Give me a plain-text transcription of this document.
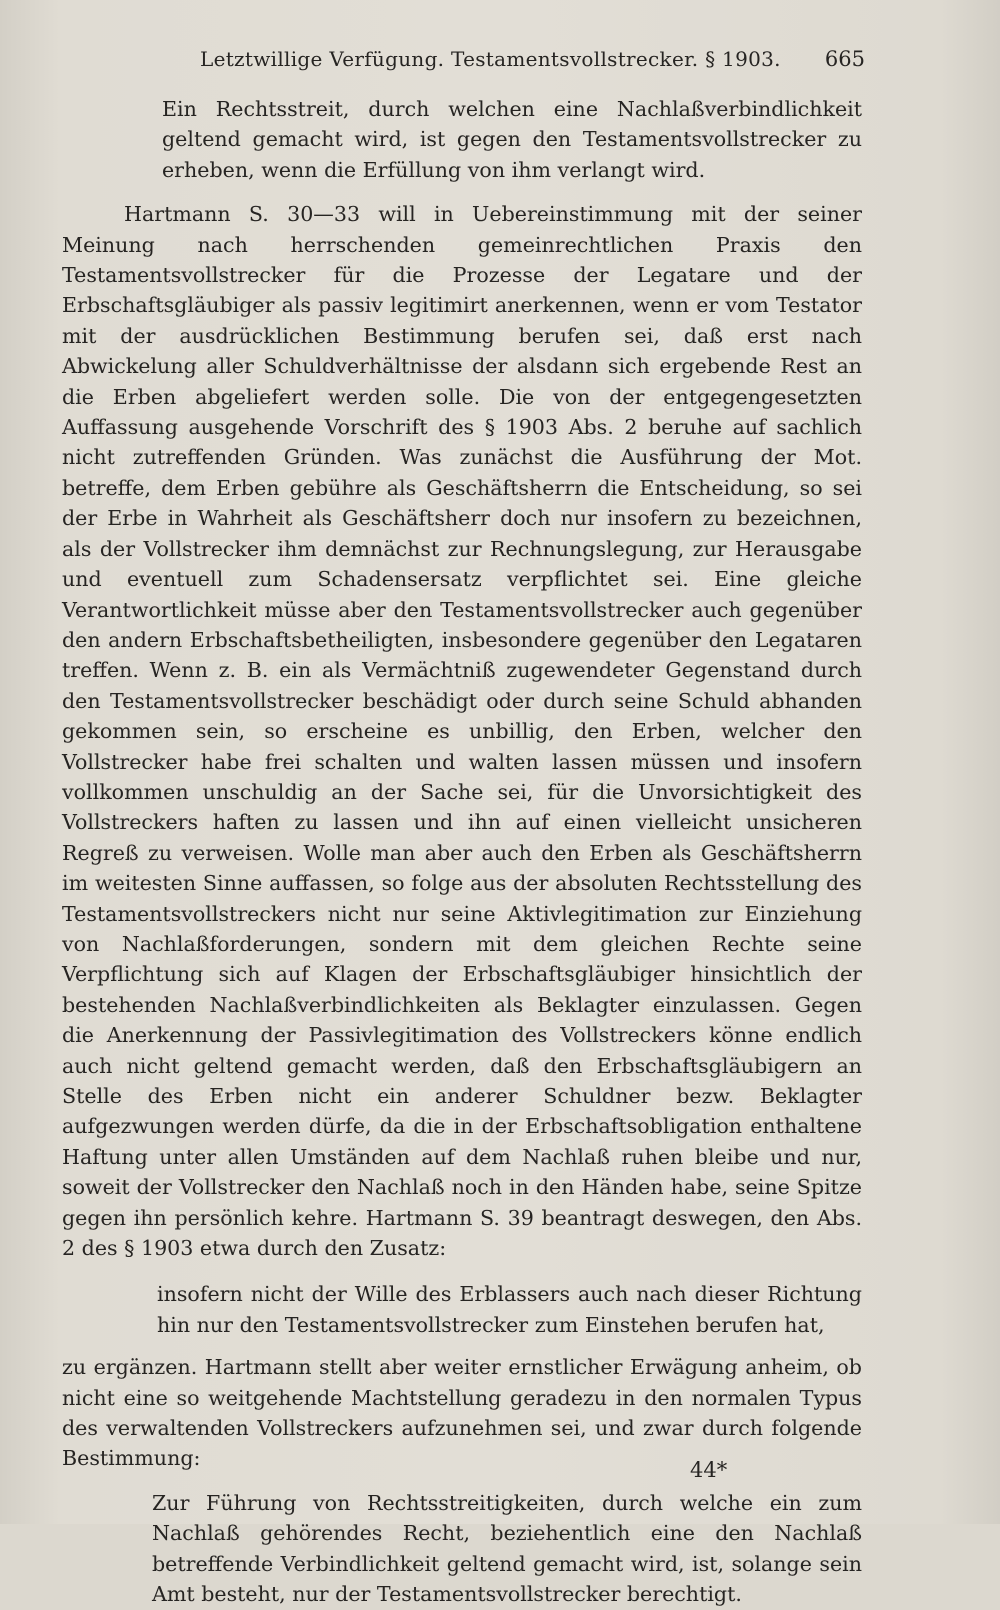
Letztwillige Verfügung. Testamentsvollstrecker. § 1903. 665

Ein Rechtsstreit, durch welchen eine Nachlaßverbindlichkeit geltend gemacht wird, ist gegen den Testamentsvollstrecker zu erheben, wenn die Erfüllung von ihm verlangt wird.

Hartmann S. 30—33 will in Uebereinstimmung mit der seiner Meinung nach herrschenden gemeinrechtlichen Praxis den Testamentsvollstrecker für die Prozesse der Legatare und der Erbschaftsgläubiger als passiv legitimirt anerkennen, wenn er vom Testator mit der ausdrücklichen Bestimmung berufen sei, daß erst nach Abwickelung aller Schuldverhältnisse der alsdann sich ergebende Rest an die Erben abgeliefert werden solle. Die von der entgegengesetzten Auffassung ausgehende Vorschrift des § 1903 Abs. 2 beruhe auf sachlich nicht zutreffenden Gründen. Was zunächst die Ausführung der Mot. betreffe, dem Erben gebühre als Geschäftsherrn die Entscheidung, so sei der Erbe in Wahrheit als Geschäftsherr doch nur insofern zu bezeichnen, als der Vollstrecker ihm demnächst zur Rechnungslegung, zur Herausgabe und eventuell zum Schadensersatz verpflichtet sei. Eine gleiche Verantwortlichkeit müsse aber den Testamentsvollstrecker auch gegenüber den andern Erbschaftsbetheiligten, insbesondere gegenüber den Legataren treffen. Wenn z. B. ein als Vermächtniß zugewendeter Gegenstand durch den Testamentsvollstrecker beschädigt oder durch seine Schuld abhanden gekommen sein, so erscheine es unbillig, den Erben, welcher den Vollstrecker habe frei schalten und walten lassen müssen und insofern vollkommen unschuldig an der Sache sei, für die Unvorsichtigkeit des Vollstreckers haften zu lassen und ihn auf einen vielleicht unsicheren Regreß zu verweisen. Wolle man aber auch den Erben als Geschäftsherrn im weitesten Sinne auffassen, so folge aus der absoluten Rechtsstellung des Testamentsvollstreckers nicht nur seine Aktivlegitimation zur Einziehung von Nachlaßforderungen, sondern mit dem gleichen Rechte seine Verpflichtung sich auf Klagen der Erbschaftsgläubiger hinsichtlich der bestehenden Nachlaßverbindlichkeiten als Beklagter einzulassen. Gegen die Anerkennung der Passivlegitimation des Vollstreckers könne endlich auch nicht geltend gemacht werden, daß den Erbschaftsgläubigern an Stelle des Erben nicht ein anderer Schuldner bezw. Beklagter aufgezwungen werden dürfe, da die in der Erbschaftsobligation enthaltene Haftung unter allen Umständen auf dem Nachlaß ruhen bleibe und nur, soweit der Vollstrecker den Nachlaß noch in den Händen habe, seine Spitze gegen ihn persönlich kehre. Hartmann S. 39 beantragt deswegen, den Abs. 2 des § 1903 etwa durch den Zusatz:

insofern nicht der Wille des Erblassers auch nach dieser Richtung hin nur den Testamentsvollstrecker zum Einstehen berufen hat,

zu ergänzen. Hartmann stellt aber weiter ernstlicher Erwägung anheim, ob nicht eine so weitgehende Machtstellung geradezu in den normalen Typus des verwaltenden Vollstreckers aufzunehmen sei, und zwar durch folgende Bestimmung:

Zur Führung von Rechtsstreitigkeiten, durch welche ein zum Nachlaß gehörendes Recht, beziehentlich eine den Nachlaß betreffende Verbindlichkeit geltend gemacht wird, ist, solange sein Amt besteht, nur der Testamentsvollstrecker berechtigt.

44*
